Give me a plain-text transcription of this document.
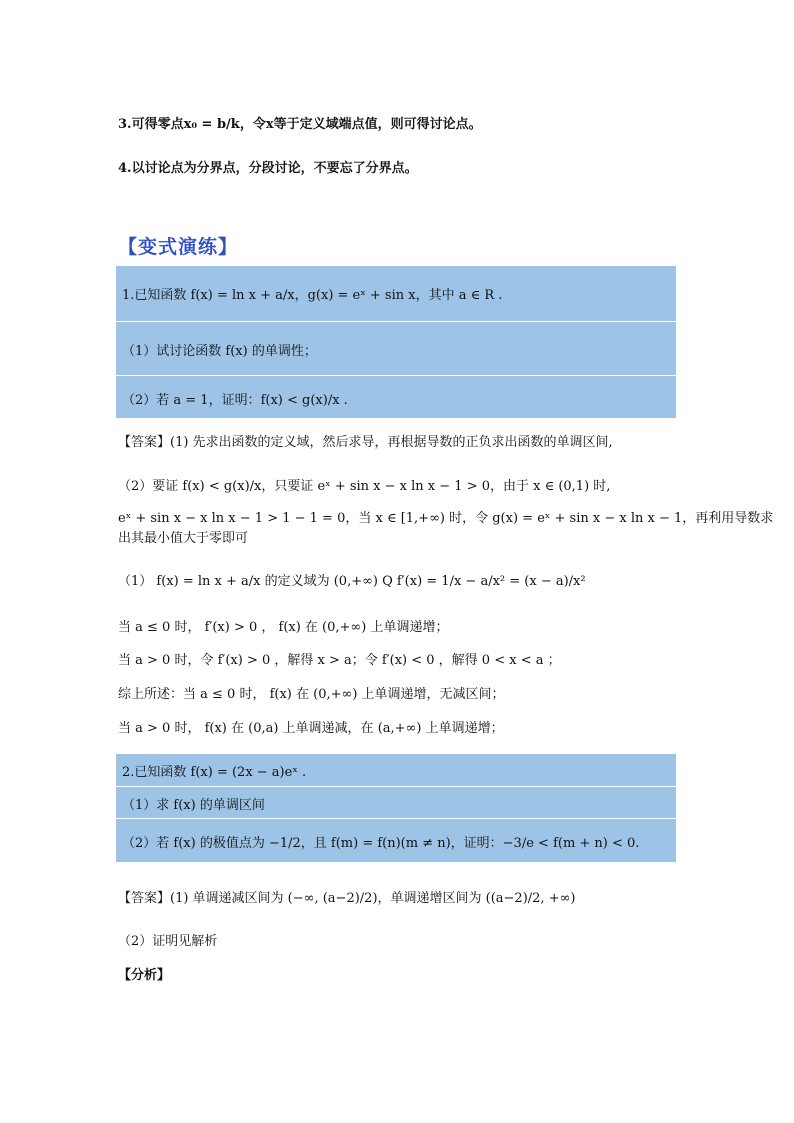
3.可得零点x₀ = b/k，令x等于定义域端点值，则可得讨论点。
4.以讨论点为分界点，分段讨论，不要忘了分界点。
【变式演练】
1.已知函数 f(x) = ln x + a/x，g(x) = eˣ + sin x，其中 a ∈ R .
（1）试讨论函数 f(x) 的单调性；
（2）若 a = 1，证明：f(x) < g(x)/x .
【答案】(1) 先求出函数的定义域，然后求导，再根据导数的正负求出函数的单调区间,
（2）要证 f(x) < g(x)/x，只要证 eˣ + sin x − x ln x − 1 > 0，由于 x ∈ (0,1) 时,
eˣ + sin x − x ln x − 1 > 1 − 1 = 0，当 x ∈ [1,+∞) 时，令 g(x) = eˣ + sin x − x ln x − 1，再利用导数求
出其最小值大于零即可
（1） f(x) = ln x + a/x 的定义域为 (0,+∞) Q f′(x) = 1/x − a/x² = (x − a)/x²
当 a ≤ 0 时， f′(x) > 0 ， f(x) 在 (0,+∞) 上单调递增；
当 a > 0 时，令 f′(x) > 0 ，解得 x > a；令 f′(x) < 0 ，解得 0 < x < a ；
综上所述：当 a ≤ 0 时， f(x) 在 (0,+∞) 上单调递增，无减区间；
当 a > 0 时， f(x) 在 (0,a) 上单调递减，在 (a,+∞) 上单调递增；
2.已知函数 f(x) = (2x − a)eˣ .
（1）求 f(x) 的单调区间
（2）若 f(x) 的极值点为 −1/2，且 f(m) = f(n)(m ≠ n)，证明：−3/e < f(m + n) < 0.
【答案】(1) 单调递减区间为 (−∞, (a−2)/2)，单调递增区间为 ((a−2)/2, +∞)
（2）证明见解析
【分析】
